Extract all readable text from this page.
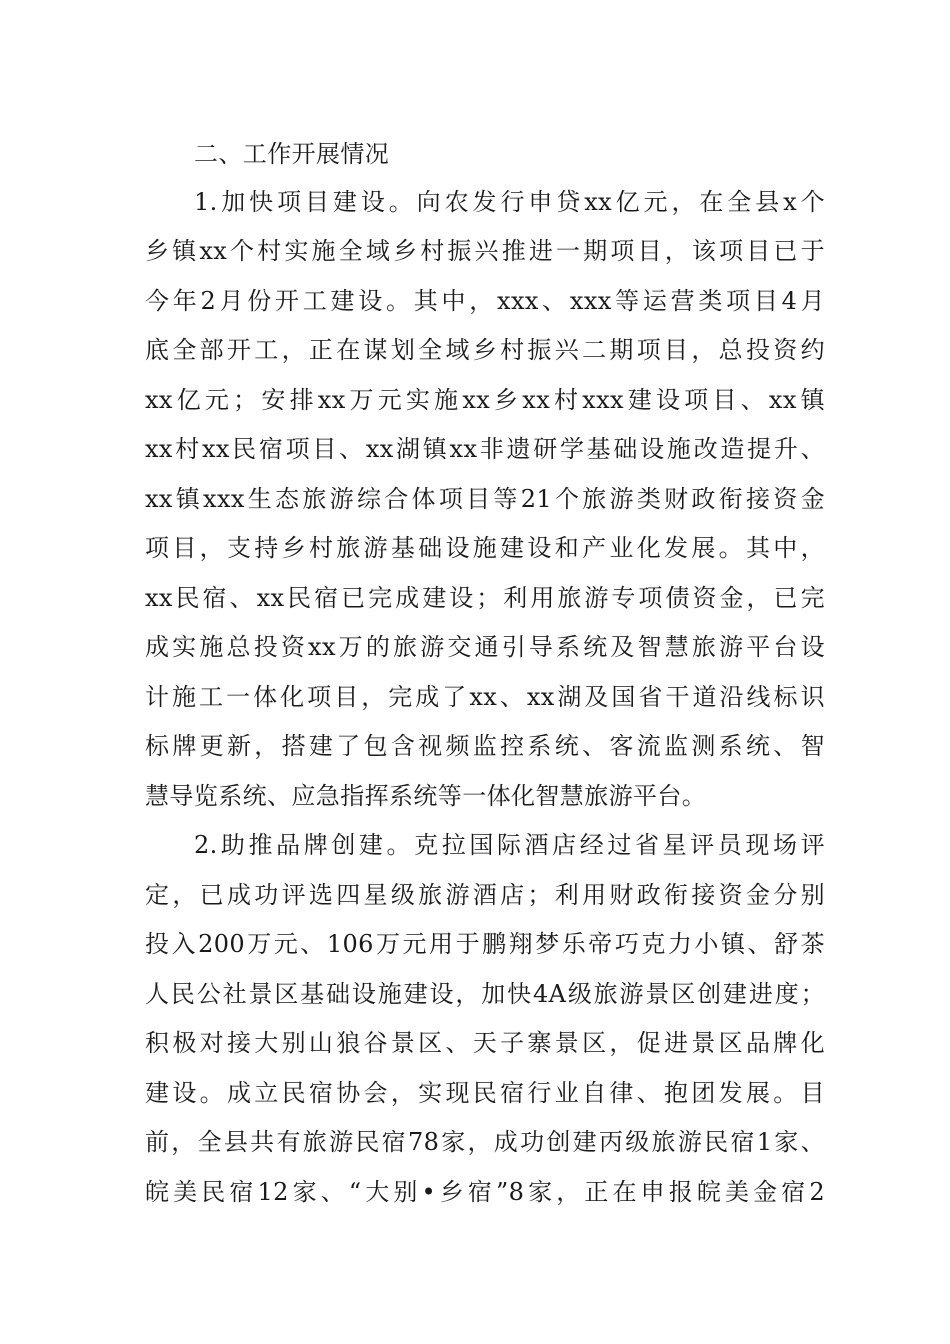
二、工作开展情况
1.加快项目建设。向农发行申贷xx亿元，在全县x个
乡镇xx个村实施全域乡村振兴推进一期项目，该项目已于
今年2月份开工建设。其中，xxx、xxx等运营类项目4月
底全部开工，正在谋划全域乡村振兴二期项目，总投资约
xx亿元；安排xx万元实施xx乡xx村xxx建设项目、xx镇
xx村xx民宿项目、xx湖镇xx非遗研学基础设施改造提升、
xx镇xxx生态旅游综合体项目等21个旅游类财政衔接资金
项目，支持乡村旅游基础设施建设和产业化发展。其中，
xx民宿、xx民宿已完成建设；利用旅游专项债资金，已完
成实施总投资xx万的旅游交通引导系统及智慧旅游平台设
计施工一体化项目，完成了xx、xx湖及国省干道沿线标识
标牌更新，搭建了包含视频监控系统、客流监测系统、智
慧导览系统、应急指挥系统等一体化智慧旅游平台。
2.助推品牌创建。克拉国际酒店经过省星评员现场评
定，已成功评选四星级旅游酒店；利用财政衔接资金分别
投入200万元、106万元用于鹏翔梦乐帝巧克力小镇、舒茶
人民公社景区基础设施建设，加快4A级旅游景区创建进度；
积极对接大别山狼谷景区、天子寨景区，促进景区品牌化
建设。成立民宿协会，实现民宿行业自律、抱团发展。目
前，全县共有旅游民宿78家，成功创建丙级旅游民宿1家、
皖美民宿12家、“大别•乡宿”8家，正在申报皖美金宿2
